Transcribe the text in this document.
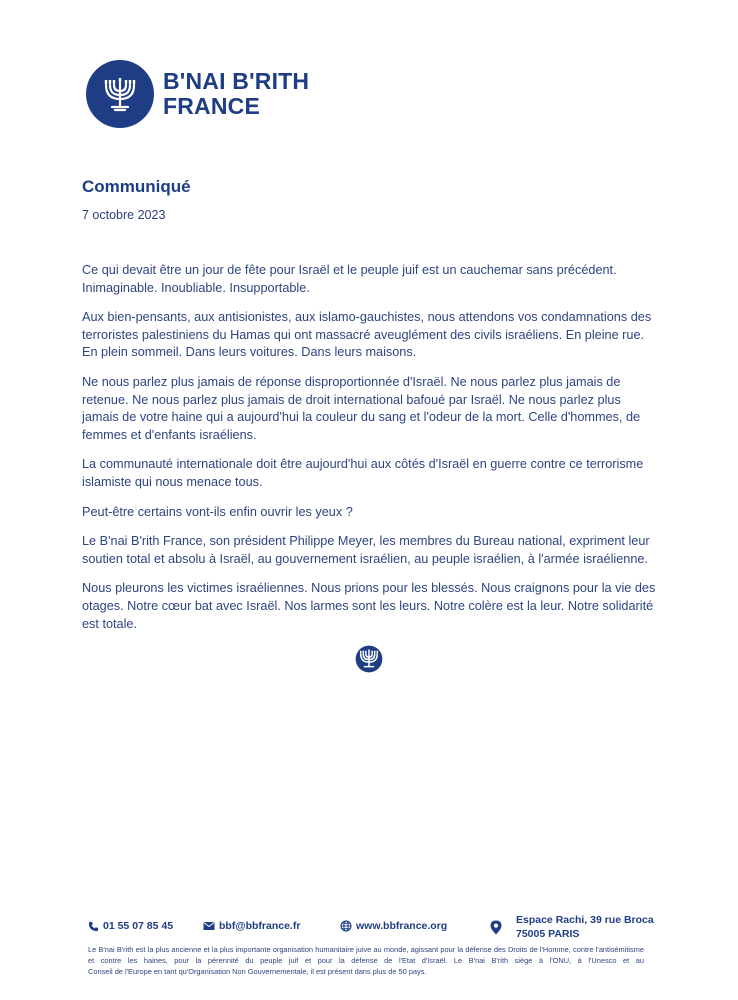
B'NAI B'RITH
FRANCE
Communiqué
7 octobre 2023

Ce qui devait être un jour de fête pour Israël et le peuple juif est un cauchemar sans précédent. Inimaginable. Inoubliable. Insupportable.

Aux bien-pensants, aux antisionistes, aux islamo-gauchistes, nous attendons vos condamnations des terroristes palestiniens du Hamas qui ont massacré aveuglément des civils israéliens. En pleine rue. En plein sommeil. Dans leurs voitures. Dans leurs maisons.

Ne nous parlez plus jamais de réponse disproportionnée d'Israël. Ne nous parlez plus jamais de retenue. Ne nous parlez plus jamais de droit international bafoué par Israël. Ne nous parlez plus jamais de votre haine qui a aujourd'hui la couleur du sang et l'odeur de la mort. Celle d'hommes, de femmes et d'enfants israéliens.

La communauté internationale doit être aujourd'hui aux côtés d'Israël en guerre contre ce terrorisme islamiste qui nous menace tous.

Peut-être certains vont-ils enfin ouvrir les yeux ?

Le B'nai B'rith France, son président Philippe Meyer, les membres du Bureau national, expriment leur soutien total et absolu à Israël, au gouvernement israélien, au peuple israélien, à l'armée israélienne.

Nous pleurons les victimes israéliennes. Nous prions pour les blessés. Nous craignons pour la vie des otages. Notre cœur bat avec Israël. Nos larmes sont les leurs. Notre colère est la leur. Notre solidarité est totale.

01 55 07 85 45	bbf@bbfrance.fr	www.bbfrance.org	Espace Rachi, 39 rue Broca
75005 PARIS
Le B'nai B'rith est la plus ancienne et la plus importante organisation humanitaire juive au monde, agissant pour la défense des Droits de l'Homme, contre l'antisémitisme et contre les haines, pour la pérennité du peuple juif et pour la défense de l'Etat d'Israël. Le B'nai B'rith siège à l'ONU, à l'Unesco et au
Conseil de l'Europe en tant qu'Organisation Non Gouvernementale, il est présent dans plus de 50 pays.
